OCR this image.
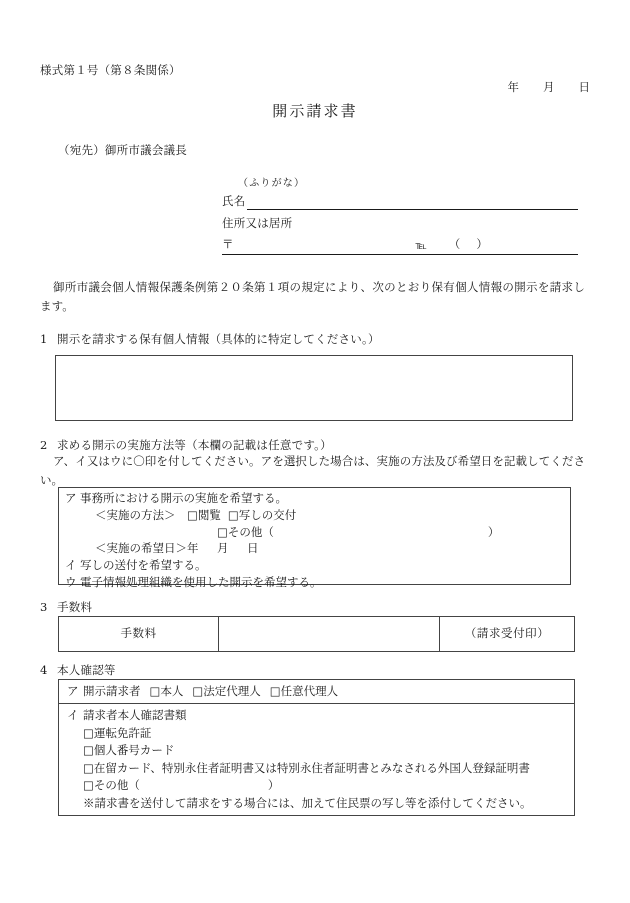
様式第１号（第８条関係）
年 月 日
開示請求書
（宛先）御所市議会議長
（ふりがな）
氏名
住所又は居所
〒	℡	（）
御所市議会個人情報保護条例第２０条第１項の規定により、次のとおり保有個人情報の開示を請求します。
1 開示を請求する保有個人情報（具体的に特定してください。）
2 求める開示の実施方法等（本欄の記載は任意です。）
ア、イ又はウに〇印を付してください。アを選択した場合は、実施の方法及び希望日を記載してください。
ア 事務所における開示の実施を希望する。
＜実施の方法＞ □閲覧 □写しの交付
□その他（	）
＜実施の希望日＞年 月 日
イ 写しの送付を希望する。
ウ 電子情報処理組織を使用した開示を希望する。
3 手数料
手数料		（請求受付印）
4 本人確認等
ア 開示請求者 □本人 □法定代理人 □任意代理人

イ 請求者本人確認書類
□運転免許証
□個人番号カード
□在留カード、特別永住者証明書又は特別永住者証明書とみなされる外国人登録証明書
□その他（	）
※請求書を送付して請求をする場合には、加えて住民票の写し等を添付してください。
